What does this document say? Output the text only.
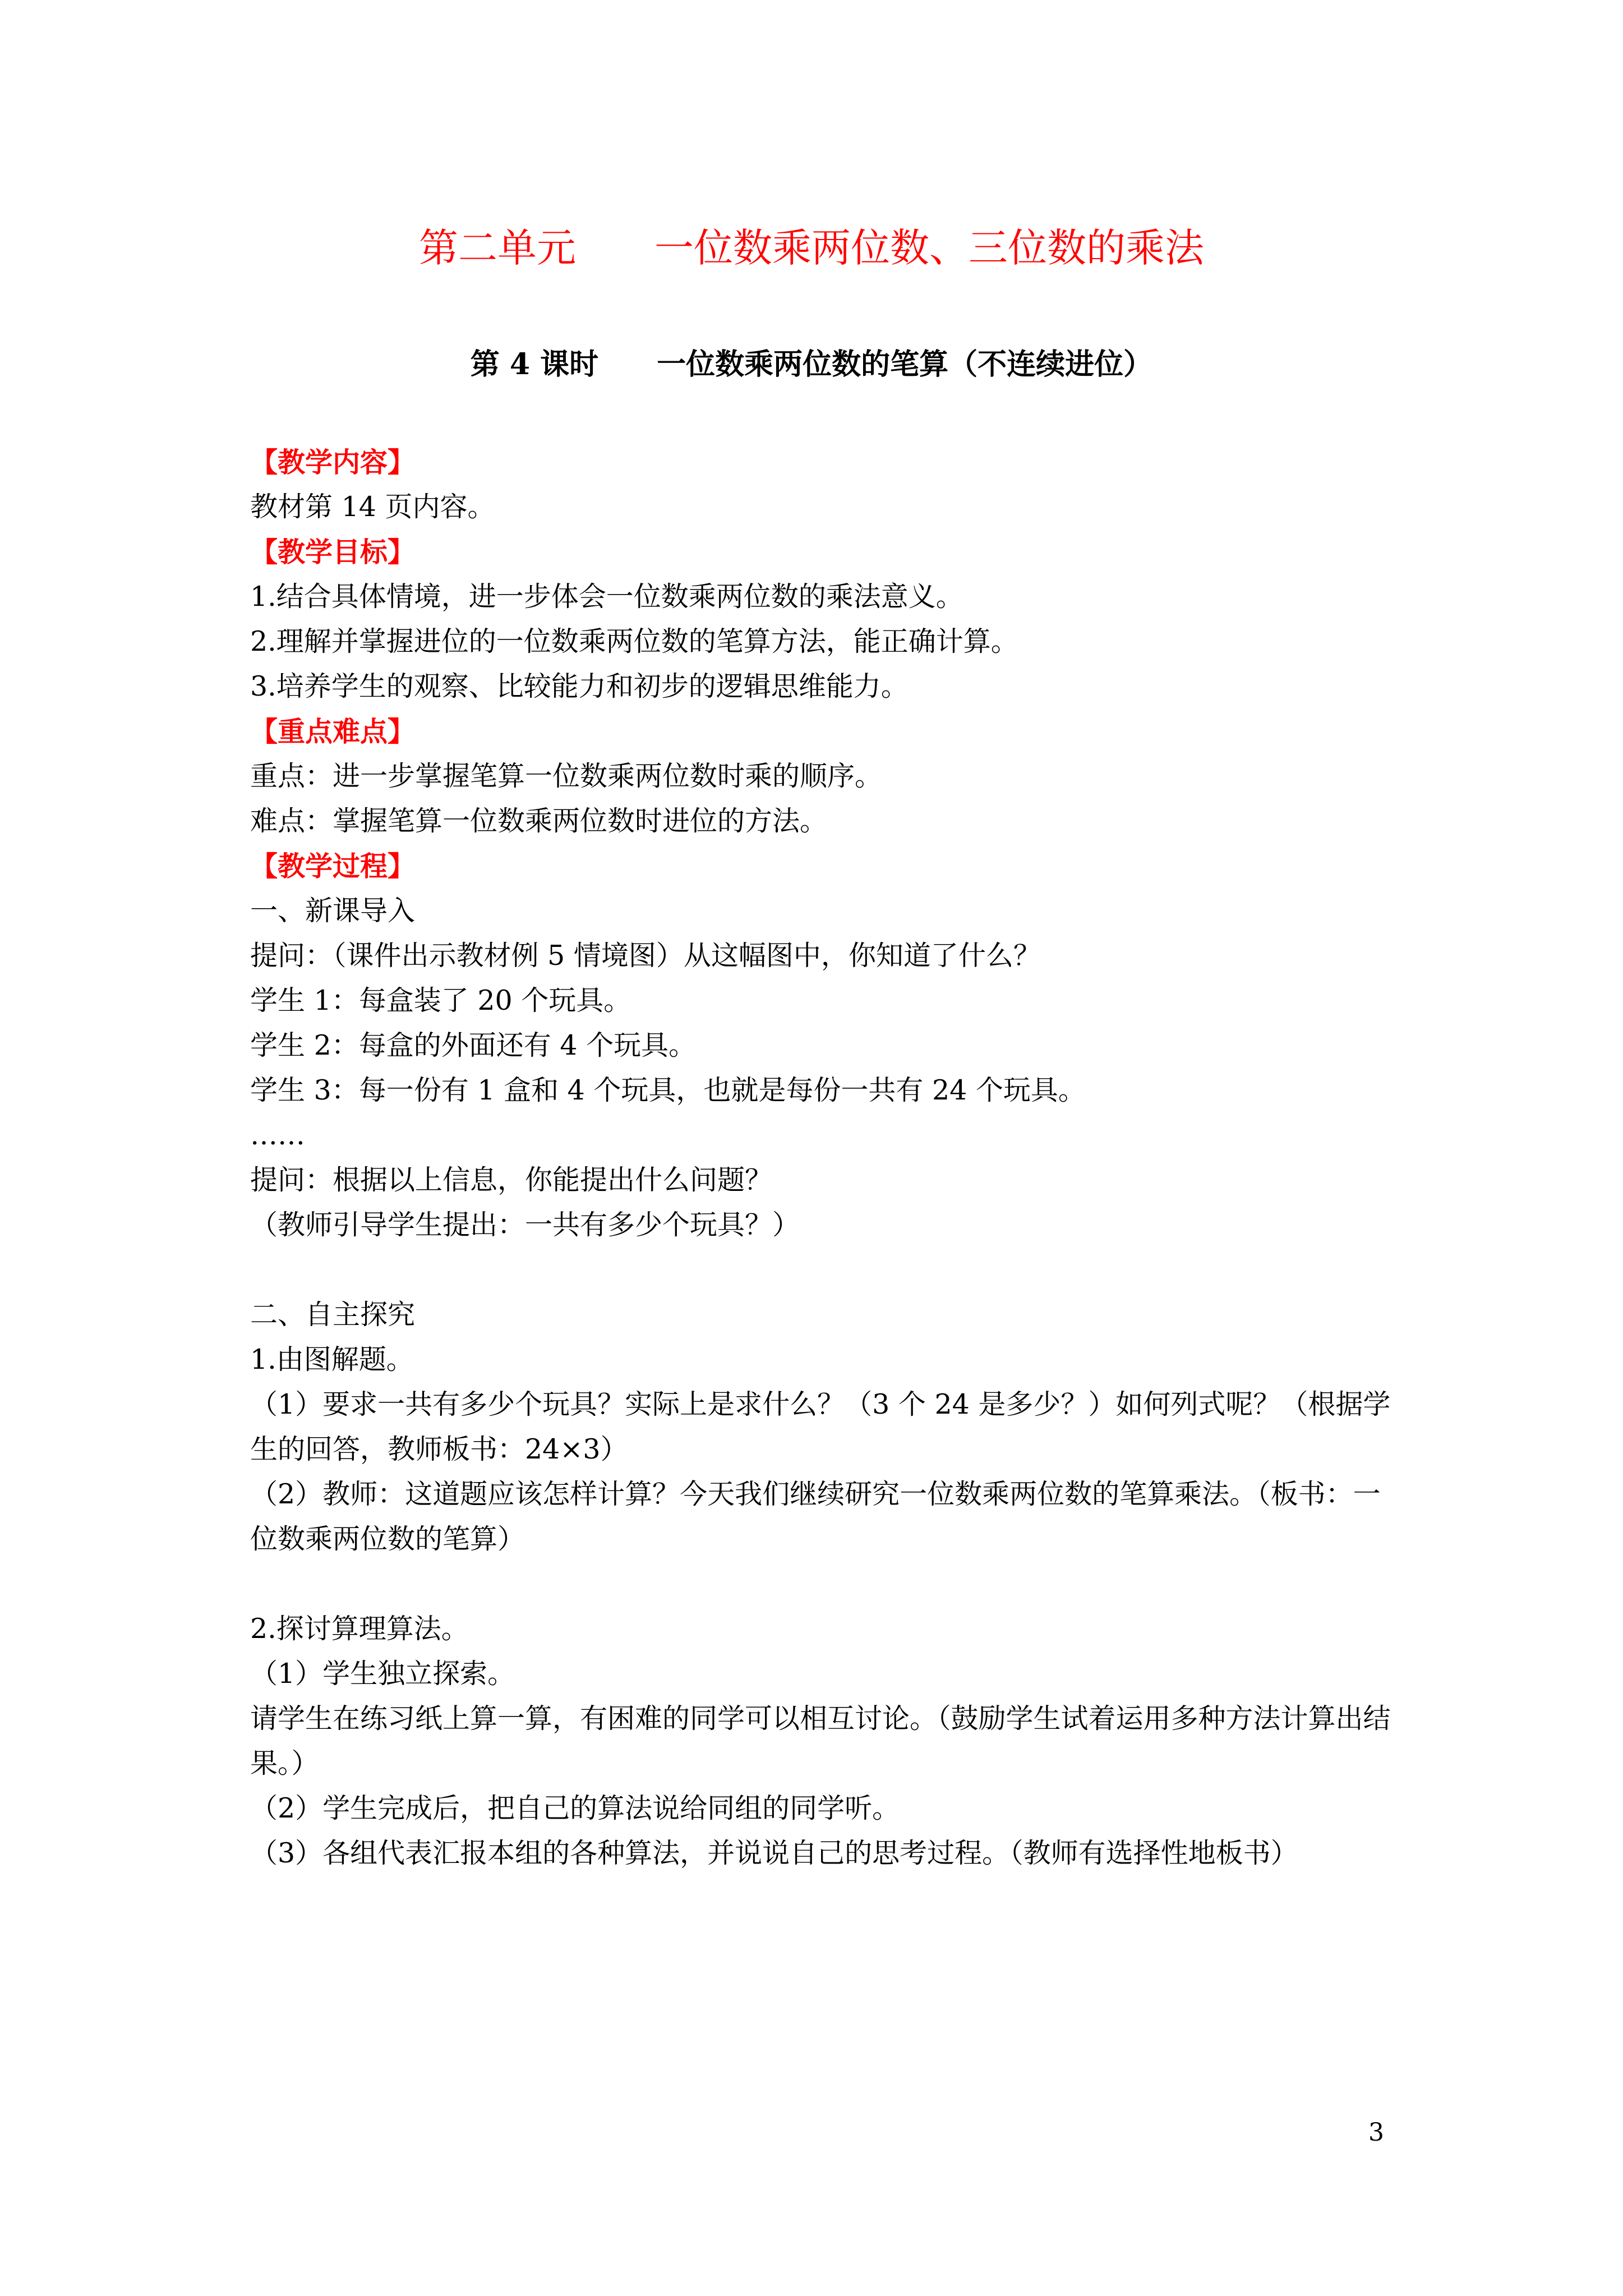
第二单元　　一位数乘两位数、三位数的乘法
第 4 课时　　一位数乘两位数的笔算（不连续进位）

【教学内容】

教材第 14 页内容。

【教学目标】

1.结合具体情境，进一步体会一位数乘两位数的乘法意义。

2.理解并掌握进位的一位数乘两位数的笔算方法，能正确计算。

3.培养学生的观察、比较能力和初步的逻辑思维能力。

【重点难点】

重点：进一步掌握笔算一位数乘两位数时乘的顺序。

难点：掌握笔算一位数乘两位数时进位的方法。

【教学过程】

一、新课导入

提问：（课件出示教材例 5 情境图）从这幅图中，你知道了什么？

学生 1：每盒装了 20 个玩具。

学生 2：每盒的外面还有 4 个玩具。

学生 3：每一份有 1 盒和 4 个玩具，也就是每份一共有 24 个玩具。

……

提问：根据以上信息，你能提出什么问题？

（教师引导学生提出：一共有多少个玩具？）

二、自主探究

1.由图解题。

（1）要求一共有多少个玩具？实际上是求什么？（3 个 24 是多少？）如何列式呢？（根据学生的回答，教师板书：24×3）

（2）教师：这道题应该怎样计算？今天我们继续研究一位数乘两位数的笔算乘法。（板书：一位数乘两位数的笔算）

2.探讨算理算法。

（1）学生独立探索。

请学生在练习纸上算一算，有困难的同学可以相互讨论。（鼓励学生试着运用多种方法计算出结果。）

（2）学生完成后，把自己的算法说给同组的同学听。

（3）各组代表汇报本组的各种算法，并说说自己的思考过程。（教师有选择性地板书）

3
